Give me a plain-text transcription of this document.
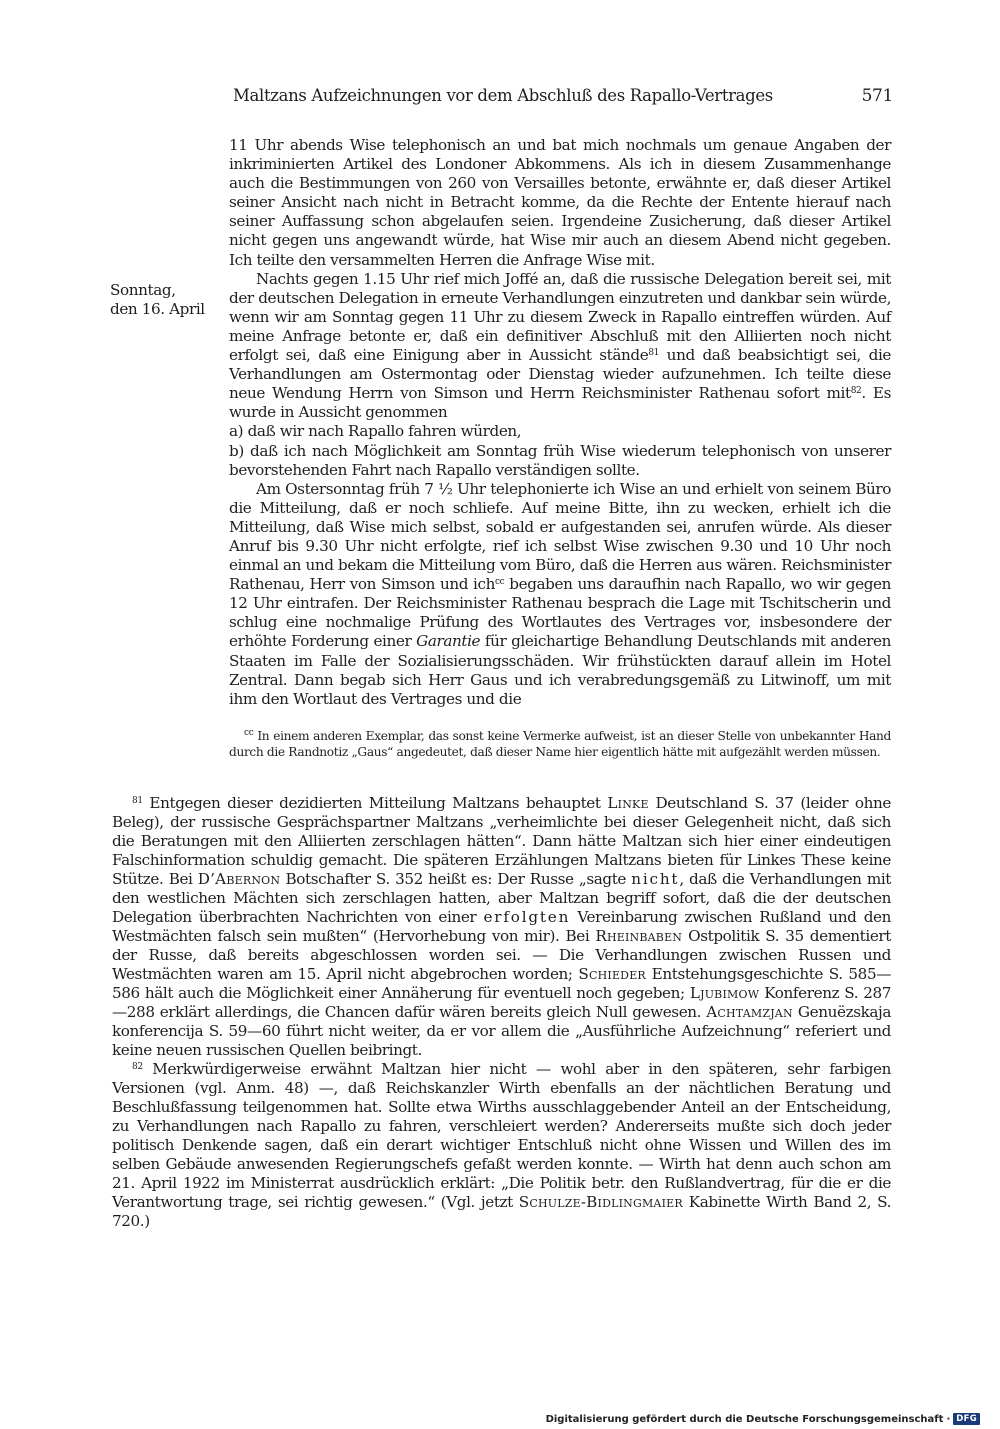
Maltzans Aufzeichnungen vor dem Abschluß des Rapallo-Vertrages	571
Sonntag,
den 16. April

11 Uhr abends Wise telephonisch an und bat mich nochmals um genaue Angaben der inkriminierten Artikel des Londoner Abkommens. Als ich in diesem Zusammenhange auch die Bestimmungen von 260 von Versailles betonte, erwähnte er, daß dieser Artikel seiner Ansicht nach nicht in Betracht komme, da die Rechte der Entente hierauf nach seiner Auffassung schon abgelaufen seien. Irgendeine Zusicherung, daß dieser Artikel nicht gegen uns angewandt würde, hat Wise mir auch an diesem Abend nicht gegeben. Ich teilte den versammelten Herren die Anfrage Wise mit.

Nachts gegen 1.15 Uhr rief mich Joffé an, daß die russische Delegation bereit sei, mit der deutschen Delegation in erneute Verhandlungen einzutreten und dankbar sein würde, wenn wir am Sonntag gegen 11 Uhr zu diesem Zweck in Rapallo eintreffen würden. Auf meine Anfrage betonte er, daß ein definitiver Abschluß mit den Alliierten noch nicht erfolgt sei, daß eine Einigung aber in Aussicht stände$^{81}$ und daß beabsichtigt sei, die Verhandlungen am Ostermontag oder Dienstag wieder aufzunehmen. Ich teilte diese neue Wendung Herrn von Simson und Herrn Reichsminister Rathenau sofort mit$^{82}$. Es wurde in Aussicht genommen

a) daß wir nach Rapallo fahren würden,

b) daß ich nach Möglichkeit am Sonntag früh Wise wiederum telephonisch von unserer bevorstehenden Fahrt nach Rapallo verständigen sollte.

Am Ostersonntag früh 7 ½ Uhr telephonierte ich Wise an und erhielt von seinem Büro die Mitteilung, daß er noch schliefe. Auf meine Bitte, ihn zu wecken, erhielt ich die Mitteilung, daß Wise mich selbst, sobald er aufgestanden sei, anrufen würde. Als dieser Anruf bis 9.30 Uhr nicht erfolgte, rief ich selbst Wise zwischen 9.30 und 10 Uhr noch einmal an und bekam die Mitteilung vom Büro, daß die Herren aus wären. Reichsminister Rathenau, Herr von Simson und ich$^{cc}$ begaben uns daraufhin nach Rapallo, wo wir gegen 12 Uhr eintrafen. Der Reichsminister Rathenau besprach die Lage mit Tschitscherin und schlug eine nochmalige Prüfung des Wortlautes des Vertrages vor, insbesondere der erhöhte Forderung einer Garantie für gleichartige Behandlung Deutschlands mit anderen Staaten im Falle der Sozialisierungsschäden. Wir frühstückten darauf allein im Hotel Zentral. Dann begab sich Herr Gaus und ich verabredungsgemäß zu Litwinoff, um mit ihm den Wortlaut des Vertrages und die

$^{cc}$ In einem anderen Exemplar, das sonst keine Vermerke aufweist, ist an dieser Stelle von unbekannter Hand durch die Randnotiz „Gaus“ angedeutet, daß dieser Name hier eigentlich hätte mit aufgezählt werden müssen.

$^{81}$ Entgegen dieser dezidierten Mitteilung Maltzans behauptet Linke Deutschland S. 37 (leider ohne Beleg), der russische Gesprächspartner Maltzans „verheimlichte bei dieser Gelegenheit nicht, daß sich die Beratungen mit den Alliierten zerschlagen hätten“. Dann hätte Maltzan sich hier einer eindeutigen Falschinformation schuldig gemacht. Die späteren Erzählungen Maltzans bieten für Linkes These keine Stütze. Bei D’Abernon Botschafter S. 352 heißt es: Der Russe „sagte nicht, daß die Verhandlungen mit den westlichen Mächten sich zerschlagen hatten, aber Maltzan begriff sofort, daß die der deutschen Delegation überbrachten Nachrichten von einer erfolgten Vereinbarung zwischen Rußland und den Westmächten falsch sein mußten“ (Hervorhebung von mir). Bei Rheinbaben Ostpolitik S. 35 dementiert der Russe, daß bereits abgeschlossen worden sei. — Die Verhandlungen zwischen Russen und Westmächten waren am 15. April nicht abgebrochen worden; Schieder Entstehungsgeschichte S. 585—586 hält auch die Möglichkeit einer Annäherung für eventuell noch gegeben; Ljubimow Konferenz S. 287—288 erklärt allerdings, die Chancen dafür wären bereits gleich Null gewesen. Achtamzjan Genuëzskaja konferencija S. 59—60 führt nicht weiter, da er vor allem die „Ausführliche Aufzeichnung“ referiert und keine neuen russischen Quellen beibringt.

$^{82}$ Merkwürdigerweise erwähnt Maltzan hier nicht — wohl aber in den späteren, sehr farbigen Versionen (vgl. Anm. 48) —, daß Reichskanzler Wirth ebenfalls an der nächtlichen Beratung und Beschlußfassung teilgenommen hat. Sollte etwa Wirths ausschlaggebender Anteil an der Entscheidung, zu Verhandlungen nach Rapallo zu fahren, verschleiert werden? Andererseits mußte sich doch jeder politisch Denkende sagen, daß ein derart wichtiger Entschluß nicht ohne Wissen und Willen des im selben Gebäude anwesenden Regierungschefs gefaßt werden konnte. — Wirth hat denn auch schon am 21. April 1922 im Ministerrat ausdrücklich erklärt: „Die Politik betr. den Rußlandvertrag, für die er die Verantwortung trage, sei richtig gewesen.“ (Vgl. jetzt Schulze-Bidlingmaier Kabinette Wirth Band 2, S. 720.)

Digitalisierung gefördert durch die Deutsche Forschungsgemeinschaft · DFG
